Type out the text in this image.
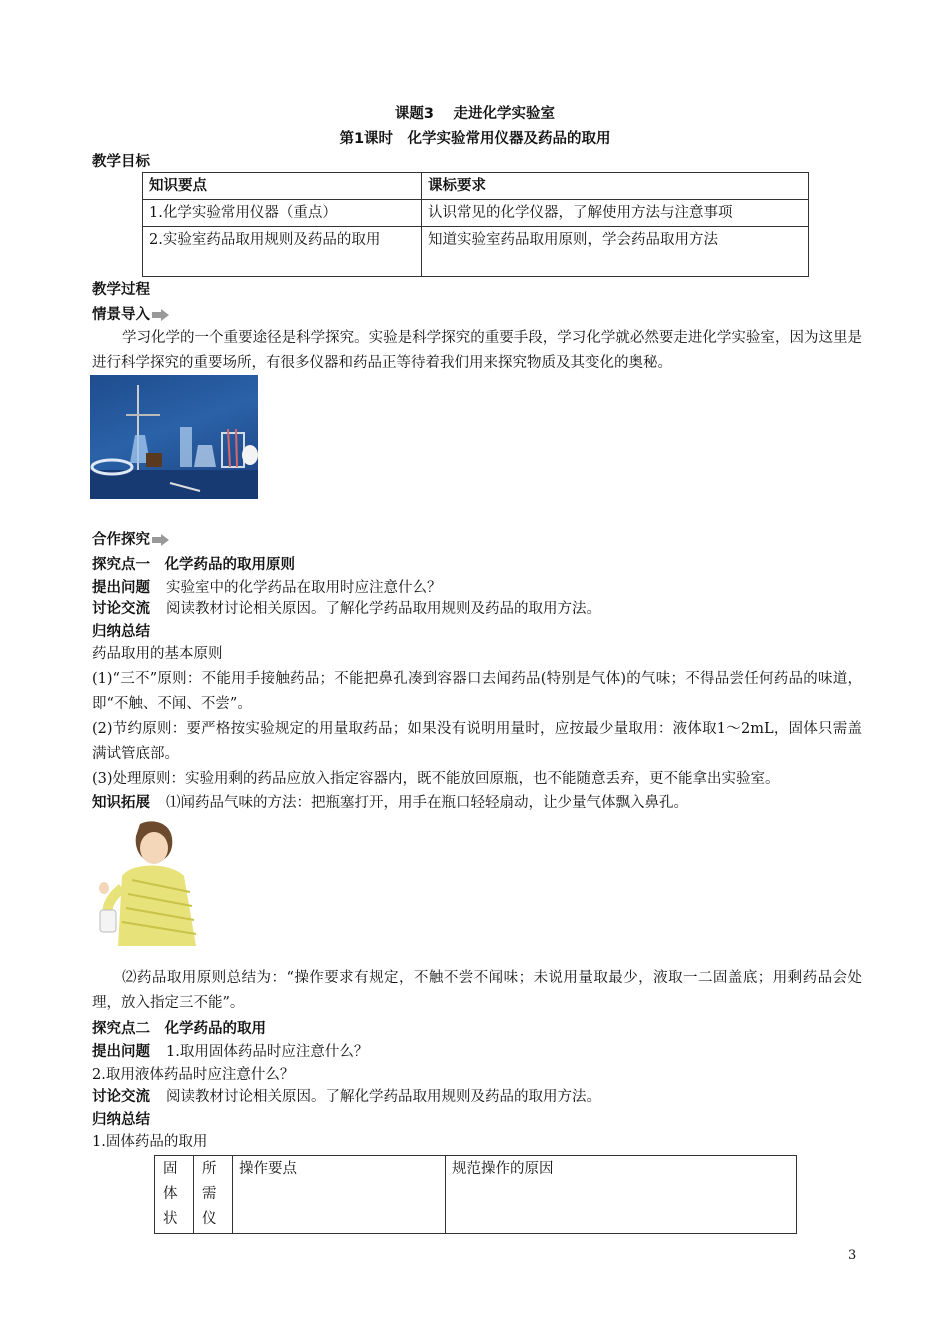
课题3　 走进化学实验室
第1课时　化学实验常用仪器及药品的取用
教学目标
知识要点	课标要求
1.化学实验常用仪器（重点）	认识常见的化学仪器，了解使用方法与注意事项
2.实验室药品取用规则及药品的取用	知道实验室药品取用原则，学会药品取用方法
教学过程
情景导入
学习化学的一个重要途径是科学探究。实验是科学探究的重要手段，学习化学就必然要走进化学实验室，因为这里是进行科学探究的重要场所，有很多仪器和药品正等待着我们用来探究物质及其变化的奥秘。
合作探究
探究点一　化学药品的取用原则
提出问题 实验室中的化学药品在取用时应注意什么？
讨论交流 阅读教材讨论相关原因。了解化学药品取用规则及药品的取用方法。
归纳总结
药品取用的基本原则
(1)“三不”原则：不能用手接触药品；不能把鼻孔凑到容器口去闻药品(特别是气体)的气味；不得品尝任何药品的味道，即“不触、不闻、不尝”。
(2)节约原则：要严格按实验规定的用量取药品；如果没有说明用量时，应按最少量取用：液体取1～2mL，固体只需盖满试管底部。
(3)处理原则：实验用剩的药品应放入指定容器内，既不能放回原瓶，也不能随意丢弃，更不能拿出实验室。
知识拓展 ⑴闻药品气味的方法：把瓶塞打开，用手在瓶口轻轻扇动，让少量气体飘入鼻孔。
⑵药品取用原则总结为：“操作要求有规定，不触不尝不闻味；未说用量取最少，液取一二固盖底；用剩药品会处理，放入指定三不能”。
探究点二　化学药品的取用
提出问题 1.取用固体药品时应注意什么？
2.取用液体药品时应注意什么？
讨论交流 阅读教材讨论相关原因。了解化学药品取用规则及药品的取用方法。
归纳总结
1.固体药品的取用
固体状	所需仪	操作要点	规范操作的原因
3
